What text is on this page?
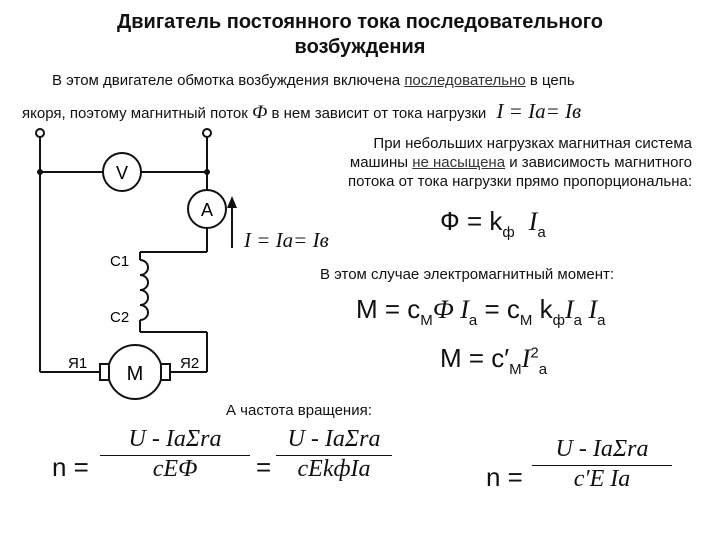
Двигатель постоянного тока последовательного
возбуждения
В этом двигателе обмотка возбуждения включена последовательно в цепь
якоря, поэтому магнитный поток Ф в нем зависит от тока нагрузки I = Iа= Iв
При небольших нагрузках магнитная система
машины не насыщена и зависимость магнитного
потока от тока нагрузки прямо пропорциональна:
$Ф = k_ф$ $I_а$
I = Iа= Iв
В этом случае электромагнитный момент:
$М = с_МФ$ $I_a = с_М$ $k_фI_a$ $I_a$
$М = с'_МI^2_a$
А частота вращения:
n =
U - IaΣra
cEФ	=
U - IaΣra
cEkфIa	n =
U - IaΣra
c′E Ia
V
А
С1
С2
Я1 М Я2
